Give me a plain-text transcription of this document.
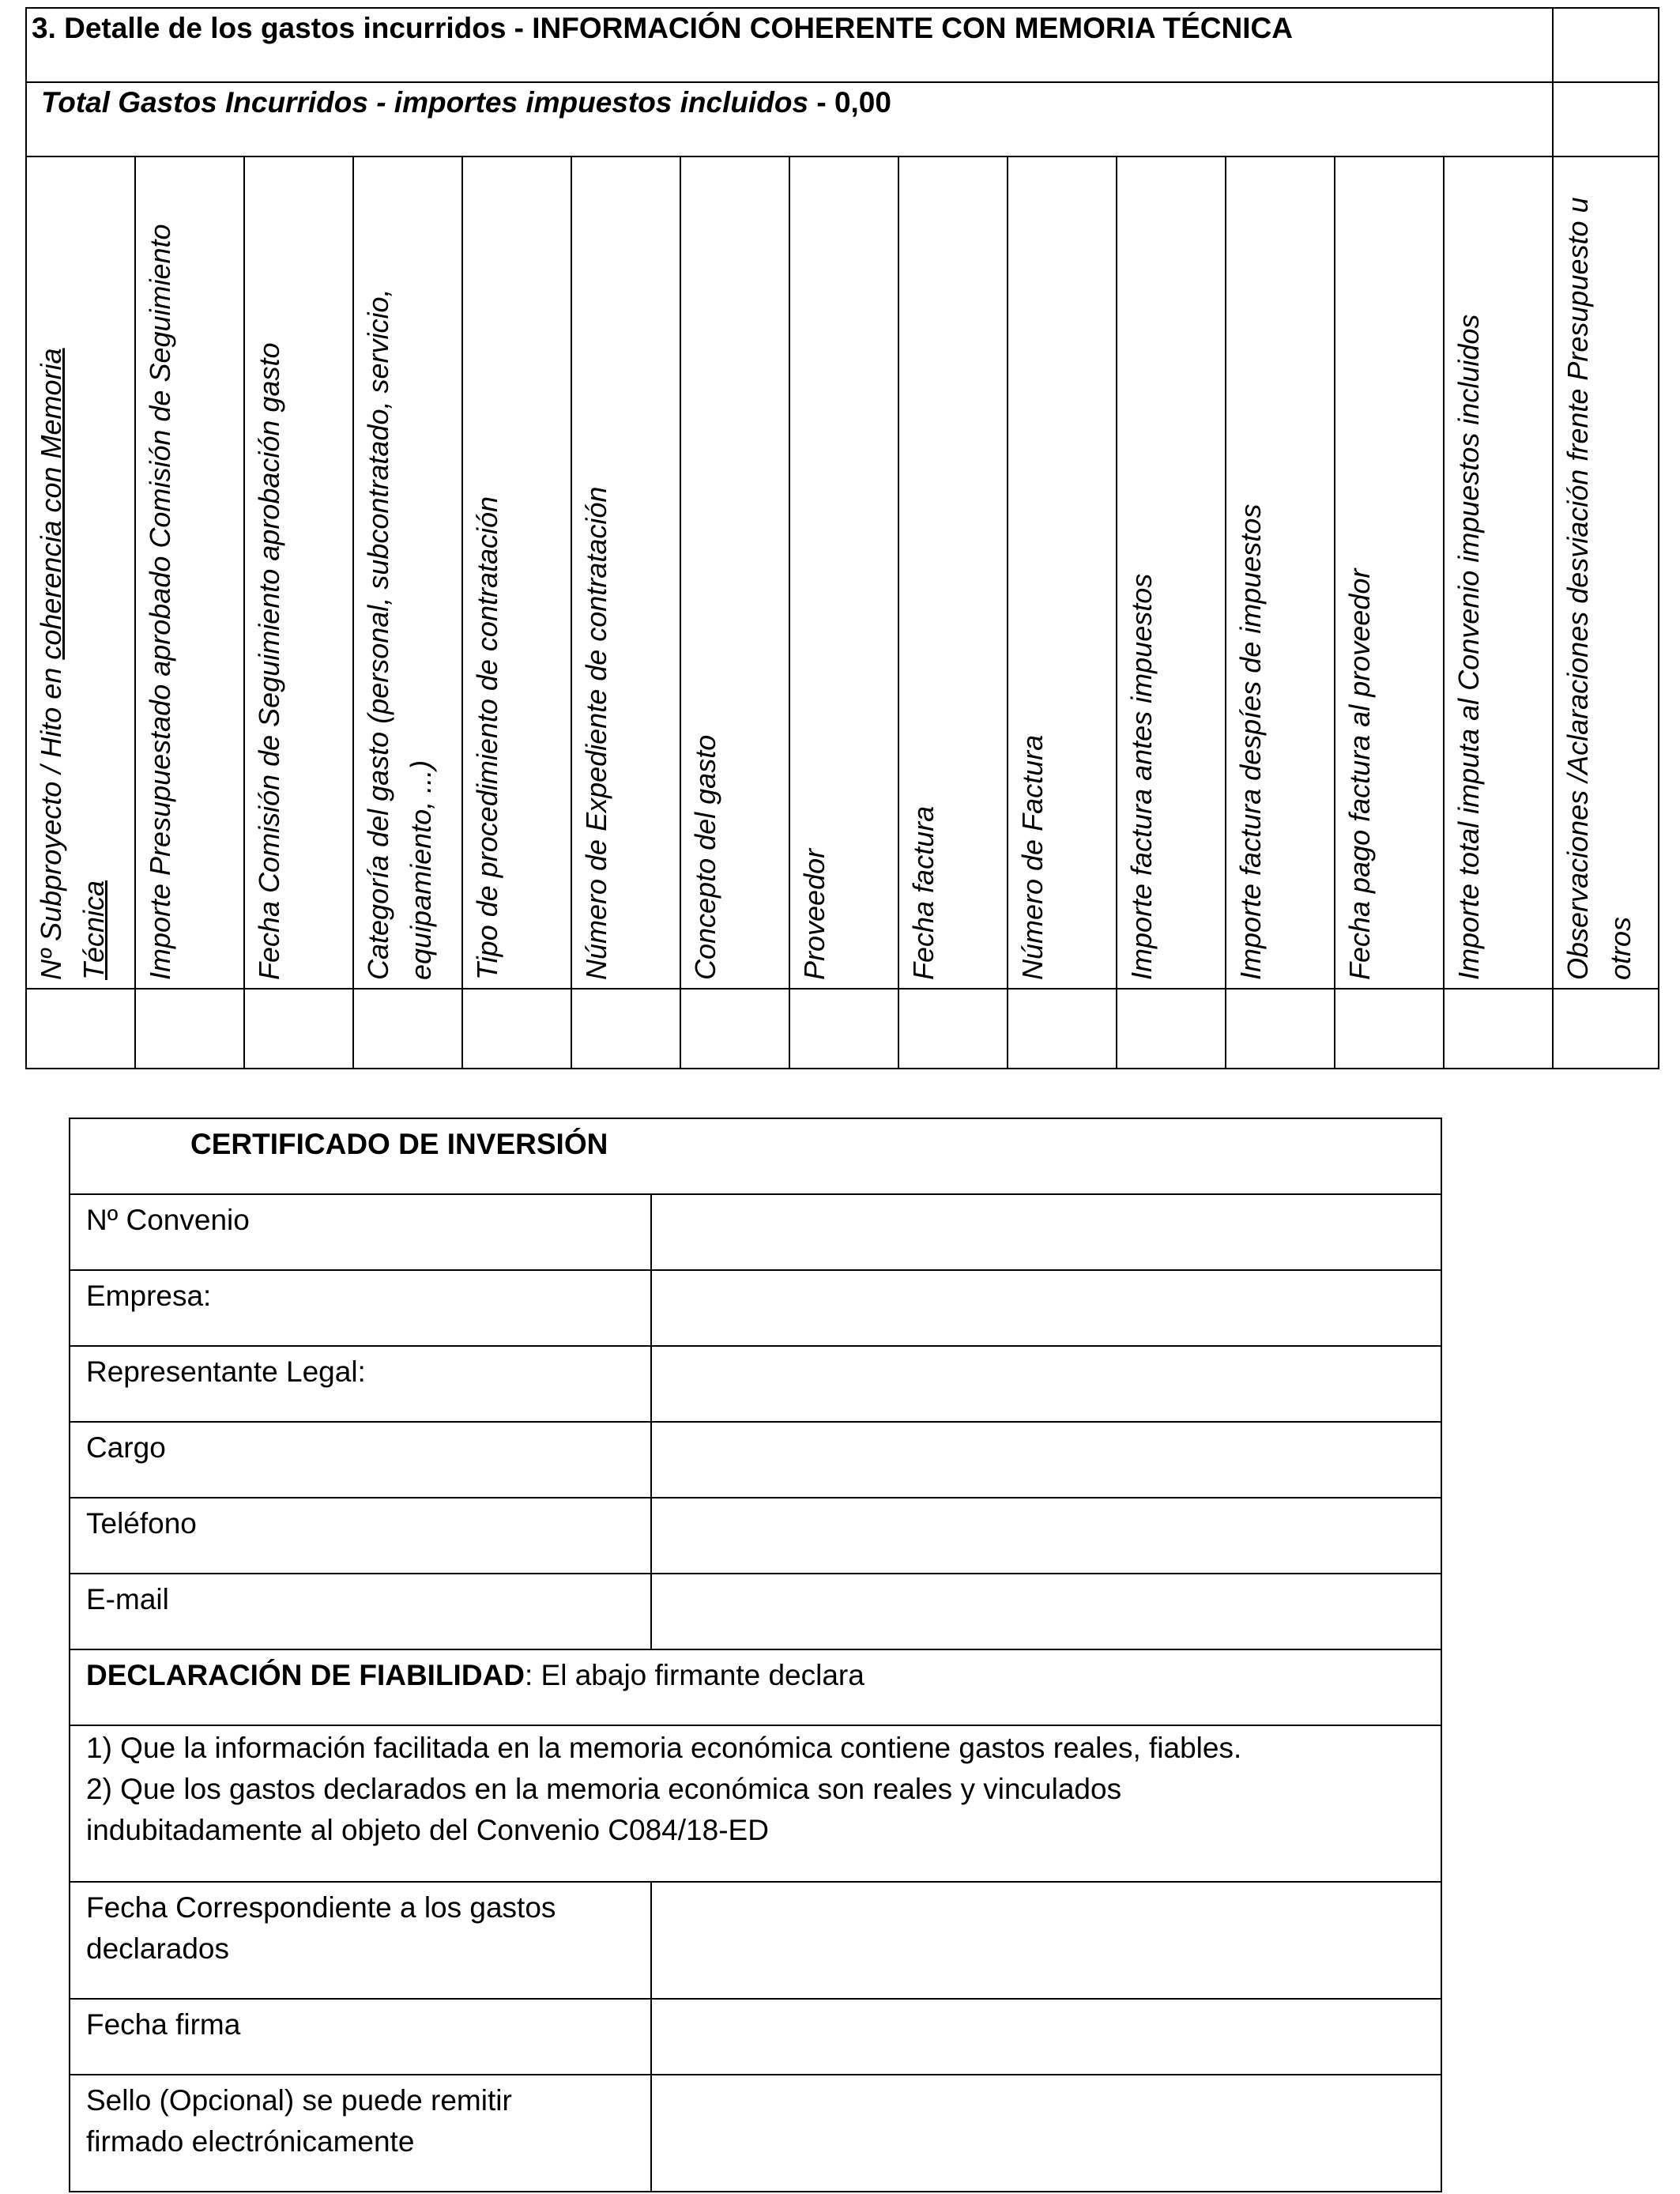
3. Detalle de los gastos incurridos - INFORMACIÓN COHERENTE CON MEMORIA TÉCNICA														

Total Gastos Incurridos - importes impuestos incluidos - 0,00														

Nº Subproyecto / Hito en coherencia con Memoria
Técnica	Importe Presupuestado aprobado Comisión de Seguimiento	Fecha Comisión de Seguimiento aprobación gasto	Categoría del gasto (personal, subcontratado, servicio, equipamiento, ...)	Tipo de procedimiento de contratación	Número de Expediente de contratación	Concepto del gasto	Proveedor	Fecha factura	Número de Factura	Importe factura antes impuestos	Importe factura despíes de impuestos	Fecha pago factura al proveedor	Importe total imputa al Convenio impuestos incluidos	Observaciones /Aclaraciones desviación frente Presupuesto u otros

CERTIFICADO DE INVERSIÓN	
Nº Convenio	
Empresa:	
Representante Legal:	
Cargo	
Teléfono	
E-mail	
DECLARACIÓN DE FIABILIDAD: El abajo firmante declara	

1) Que la información facilitada en la memoria económica contiene gastos reales, fiables.
2) Que los gastos declarados en la memoria económica son reales y vinculados
indubitadamente al objeto del Convenio C084/18-ED	

Fecha Correspondiente a los gastos
declarados	

Fecha firma	

Sello (Opcional) se puede remitir
firmado electrónicamente	
